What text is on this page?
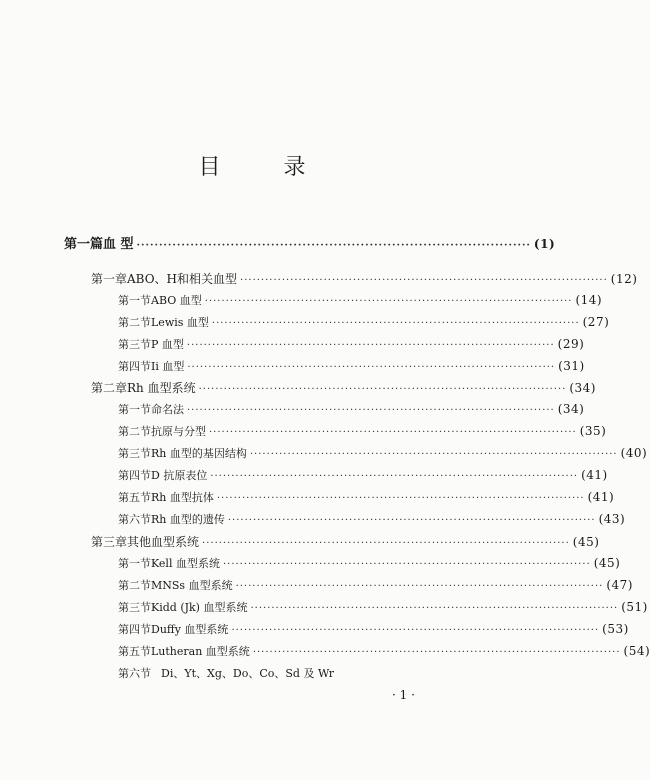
目 录
第一篇 血 型 ························································································ (1)
第一章 ABO、H和相关血型 ························································································ (12)
第一节 ABO 血型 ························································································ (14)
第二节 Lewis 血型 ························································································ (27)
第三节 P 血型 ························································································ (29)
第四节 Ii 血型 ························································································ (31)
第二章 Rh 血型系统 ························································································ (34)
第一节 命名法 ························································································ (34)
第二节 抗原与分型 ························································································ (35)
第三节 Rh 血型的基因结构 ························································································ (40)
第四节 D 抗原表位 ························································································ (41)
第五节 Rh 血型抗体 ························································································ (41)
第六节 Rh 血型的遗传 ························································································ (43)
第三章 其他血型系统 ························································································ (45)
第一节 Kell 血型系统 ························································································ (45)
第二节 MNSs 血型系统 ························································································ (47)
第三节 Kidd (Jk) 血型系统 ························································································ (51)
第四节 Duffy 血型系统 ························································································ (53)
第五节 Lutheran 血型系统 ························································································ (54)
第六节 Di、Yt、Xg、Do、Co、Sd 及 Wr
· 1 ·
